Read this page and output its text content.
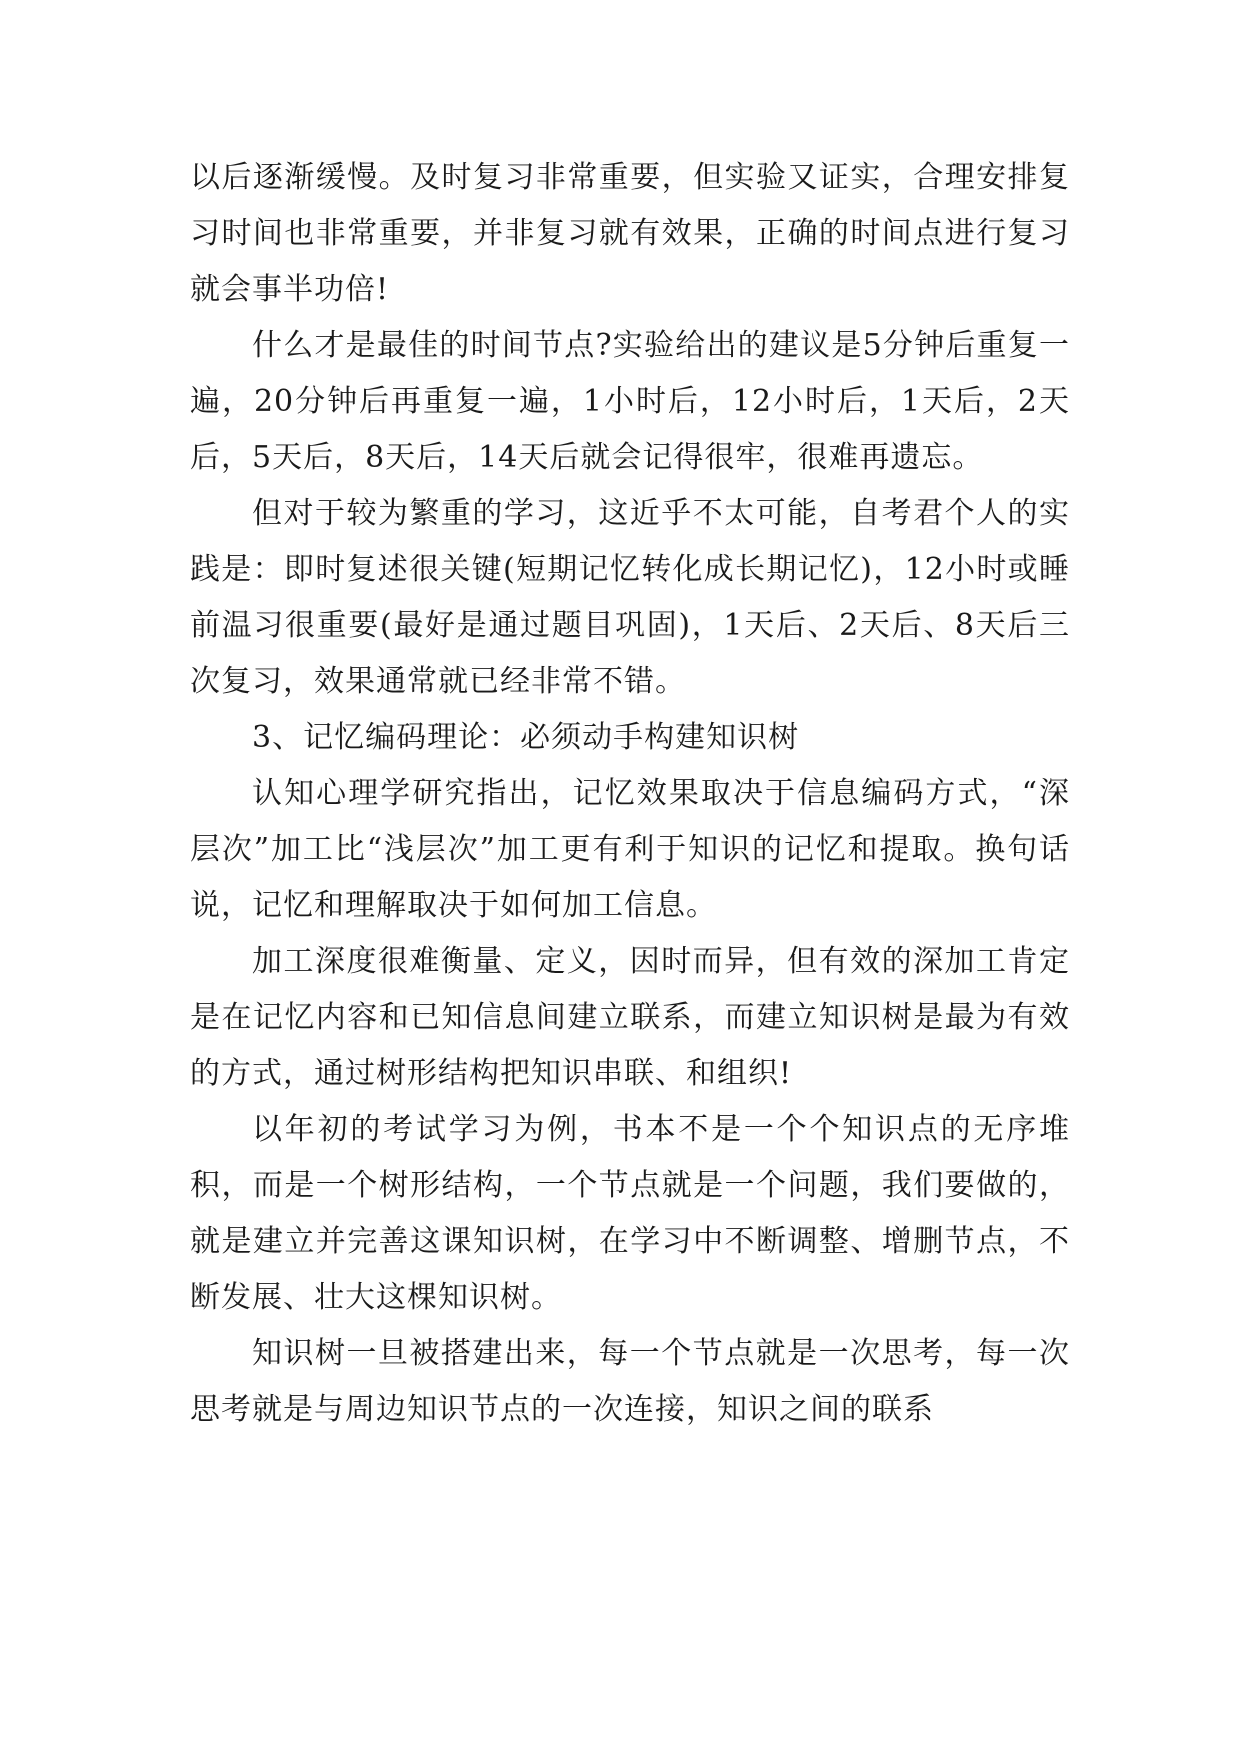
以后逐渐缓慢。及时复习非常重要，但实验又证实，合理安排复习时间也非常重要，并非复习就有效果，正确的时间点进行复习就会事半功倍!

什么才是最佳的时间节点?实验给出的建议是5分钟后重复一遍，20分钟后再重复一遍，1小时后，12小时后，1天后，2天后，5天后，8天后，14天后就会记得很牢，很难再遗忘。

但对于较为繁重的学习，这近乎不太可能，自考君个人的实践是：即时复述很关键(短期记忆转化成长期记忆)，12小时或睡前温习很重要(最好是通过题目巩固)，1天后、2天后、8天后三次复习，效果通常就已经非常不错。

3、记忆编码理论：必须动手构建知识树

认知心理学研究指出，记忆效果取决于信息编码方式，“深层次”加工比“浅层次”加工更有利于知识的记忆和提取。换句话说，记忆和理解取决于如何加工信息。

加工深度很难衡量、定义，因时而异，但有效的深加工肯定是在记忆内容和已知信息间建立联系，而建立知识树是最为有效的方式，通过树形结构把知识串联、和组织!

以年初的考试学习为例，书本不是一个个知识点的无序堆积，而是一个树形结构，一个节点就是一个问题，我们要做的，就是建立并完善这课知识树，在学习中不断调整、增删节点，不断发展、壮大这棵知识树。

知识树一旦被搭建出来，每一个节点就是一次思考，每一次思考就是与周边知识节点的一次连接，知识之间的联系
